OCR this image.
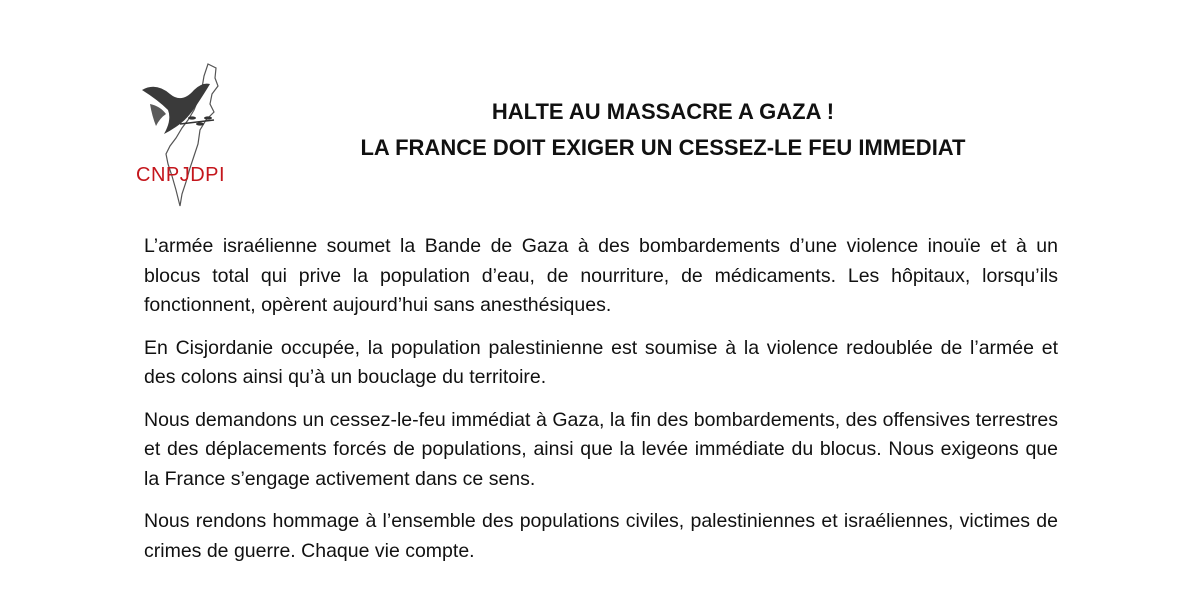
CNPJDPI
HALTE AU MASSACRE A GAZA !
LA FRANCE DOIT EXIGER UN CESSEZ-LE FEU IMMEDIAT

L’armée israélienne soumet la Bande de Gaza à des bombardements d’une violence inouïe et à un blocus total qui prive la population d’eau, de nourriture, de médicaments. Les hôpitaux, lorsqu’ils fonctionnent, opèrent aujourd’hui sans anesthésiques.

En Cisjordanie occupée, la population palestinienne est soumise à la violence redoublée de l’armée et des colons ainsi qu’à un bouclage du territoire.

Nous demandons un cessez-le-feu immédiat à Gaza, la fin des bombardements, des offensives terrestres et des déplacements forcés de populations, ainsi que la levée immédiate du blocus. Nous exigeons que la France s’engage activement dans ce sens.

Nous rendons hommage à l’ensemble des populations civiles, palestiniennes et israéliennes, victimes de crimes de guerre. Chaque vie compte.
